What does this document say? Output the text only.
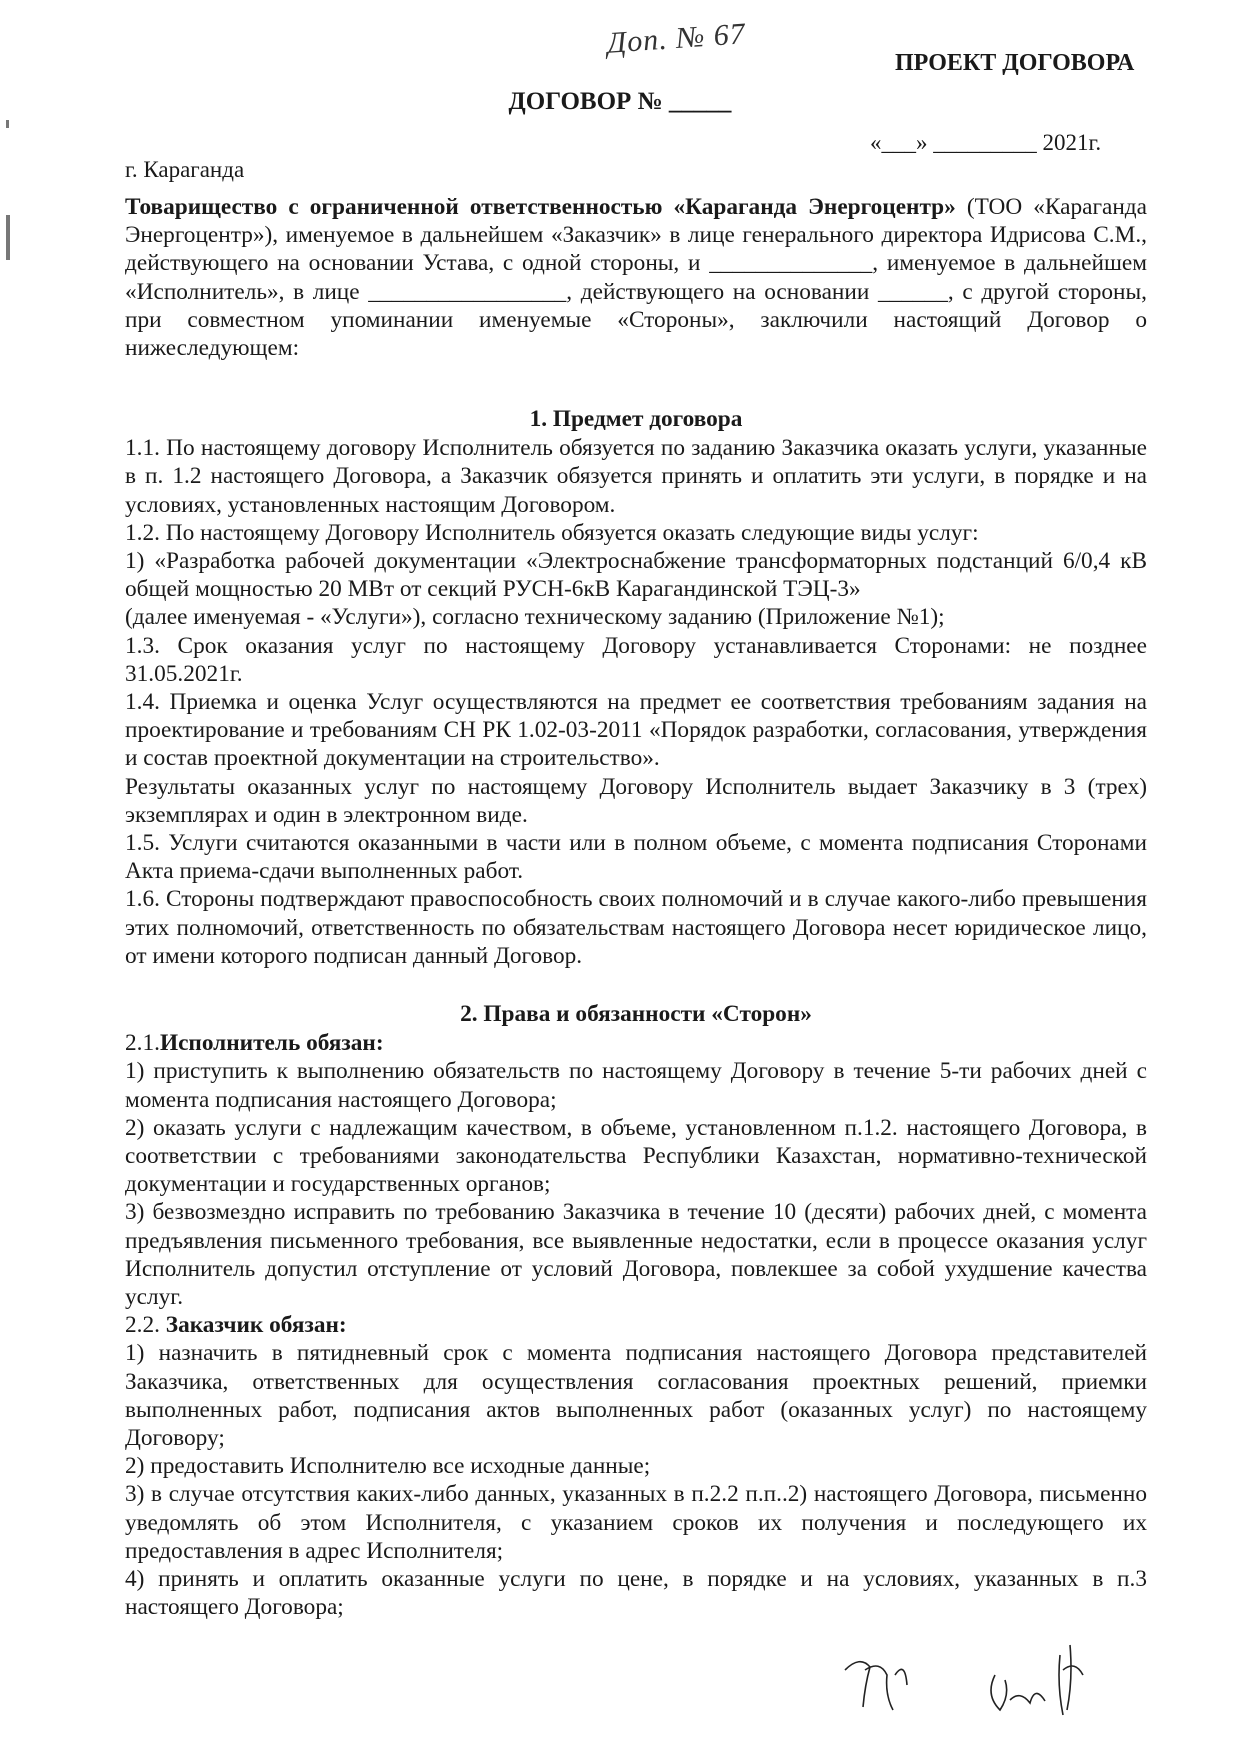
Доп. № 67
ПРОЕКТ ДОГОВОРА
ДОГОВОР № _____
«___» _________ 2021г.
г. Караганда

Товарищество с ограниченной ответственностью «Караганда Энергоцентр» (ТОО «Караганда Энергоцентр»), именуемое в дальнейшем «Заказчик» в лице генерального директора Идрисова С.М., действующего на основании Устава, с одной стороны, и ______________, именуемое в дальнейшем «Исполнитель», в лице _________________, действующего на основании ______, с другой стороны, при совместном упоминании именуемые «Стороны», заключили настоящий Договор о нижеследующем:

1. Предмет договора

1.1. По настоящему договору Исполнитель обязуется по заданию Заказчика оказать услуги, указанные в п. 1.2 настоящего Договора, а Заказчик обязуется принять и оплатить эти услуги, в порядке и на условиях, установленных настоящим Договором.

1.2. По настоящему Договору Исполнитель обязуется оказать следующие виды услуг:

1) «Разработка рабочей документации «Электроснабжение трансформаторных подстанций 6/0,4 кВ общей мощностью 20 МВт от секций РУСН-6кВ Карагандинской ТЭЦ-3»

(далее именуемая - «Услуги»), согласно техническому заданию (Приложение №1);

1.3. Срок оказания услуг по настоящему Договору устанавливается Сторонами: не позднее 31.05.2021г.

1.4. Приемка и оценка Услуг осуществляются на предмет ее соответствия требованиям задания на проектирование и требованиям СН РК 1.02-03-2011 «Порядок разработки, согласования, утверждения и состав проектной документации на строительство».

Результаты оказанных услуг по настоящему Договору Исполнитель выдает Заказчику в 3 (трех) экземплярах и один в электронном виде.

1.5. Услуги считаются оказанными в части или в полном объеме, с момента подписания Сторонами Акта приема-сдачи выполненных работ.

1.6. Стороны подтверждают правоспособность своих полномочий и в случае какого-либо превышения этих полномочий, ответственность по обязательствам настоящего Договора несет юридическое лицо, от имени которого подписан данный Договор.

2. Права и обязанности «Сторон»

2.1.Исполнитель обязан:

1) приступить к выполнению обязательств по настоящему Договору в течение 5-ти рабочих дней с момента подписания настоящего Договора;

2) оказать услуги с надлежащим качеством, в объеме, установленном п.1.2. настоящего Договора, в соответствии с требованиями законодательства Республики Казахстан, нормативно-технической документации и государственных органов;

3) безвозмездно исправить по требованию Заказчика в течение 10 (десяти) рабочих дней, с момента предъявления письменного требования, все выявленные недостатки, если в процессе оказания услуг Исполнитель допустил отступление от условий Договора, повлекшее за собой ухудшение качества услуг.

2.2. Заказчик обязан:

1) назначить в пятидневный срок с момента подписания настоящего Договора представителей Заказчика, ответственных для осуществления согласования проектных решений, приемки выполненных работ, подписания актов выполненных работ (оказанных услуг) по настоящему Договору;

2) предоставить Исполнителю все исходные данные;

3) в случае отсутствия каких-либо данных, указанных в п.2.2 п.п..2) настоящего Договора, письменно уведомлять об этом Исполнителя, с указанием сроков их получения и последующего их предоставления в адрес Исполнителя;

4) принять и оплатить оказанные услуги по цене, в порядке и на условиях, указанных в п.3 настоящего Договора;
